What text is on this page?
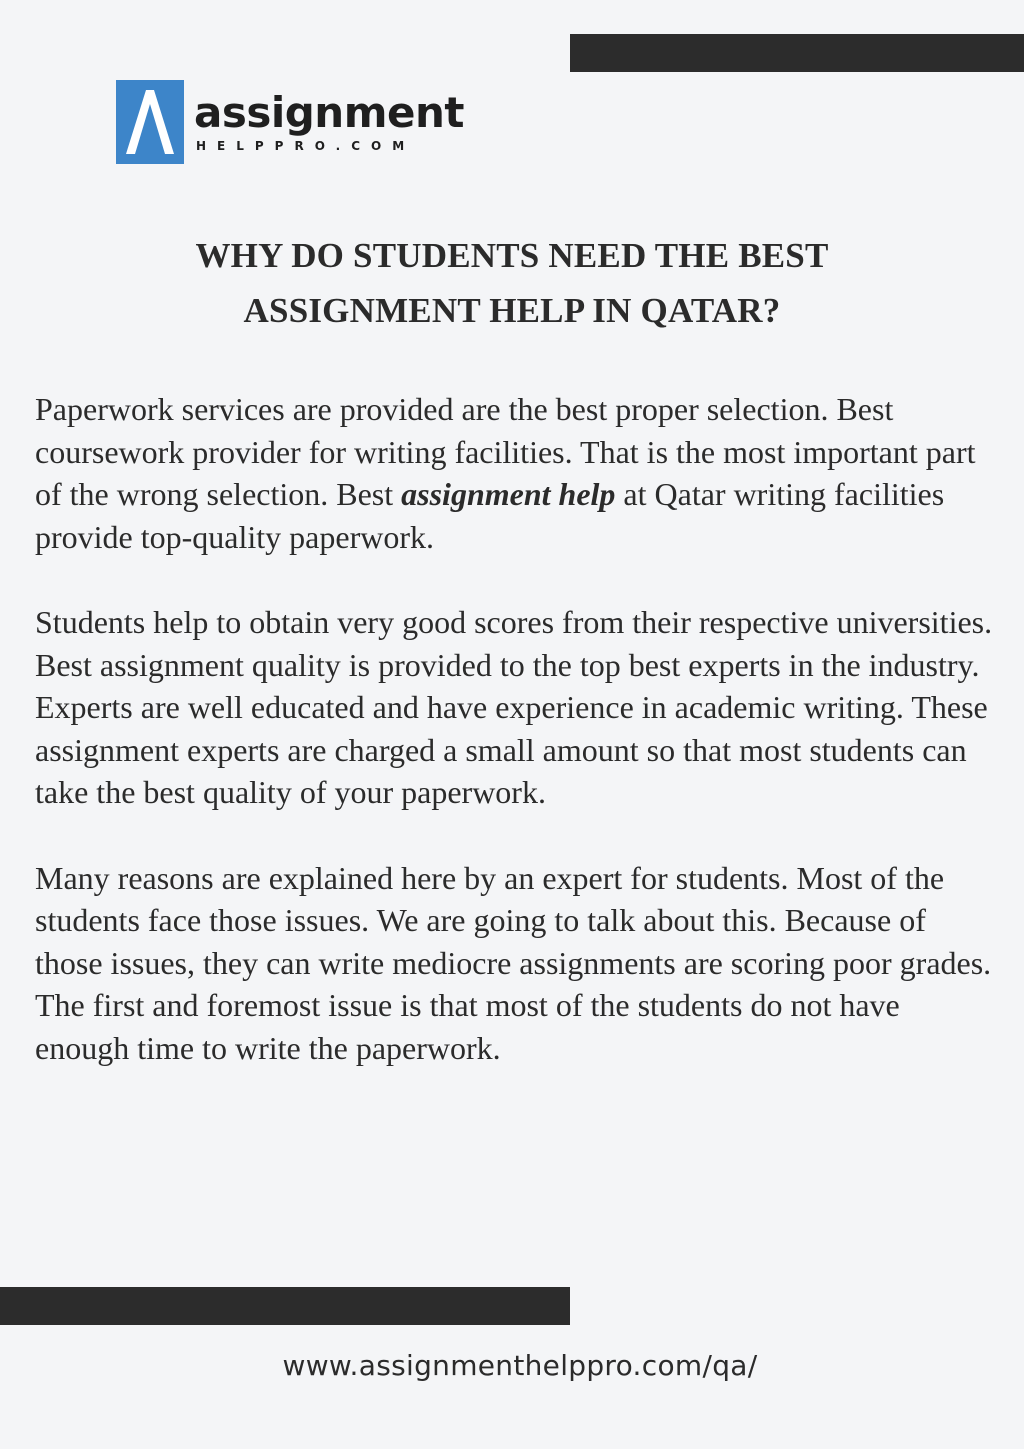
assignment
HELPPRO.COM
WHY DO STUDENTS NEED THE BEST
ASSIGNMENT HELP IN QATAR?

Paperwork services are provided are the best proper selection. Best coursework provider for writing facilities. That is the most important part of the wrong selection. Best assignment help at Qatar writing facilities provide top-quality paperwork.

Students help to obtain very good scores from their respective universities. Best assignment quality is provided to the top best experts in the industry. Experts are well educated and have experience in academic writing. These assignment experts are charged a small amount so that most students can take the best quality of your paperwork.

Many reasons are explained here by an expert for students. Most of the students face those issues. We are going to talk about this. Because of those issues, they can write mediocre assignments are scoring poor grades. The first and foremost issue is that most of the students do not have enough time to write the paperwork.

www.assignmenthelppro.com/qa/
